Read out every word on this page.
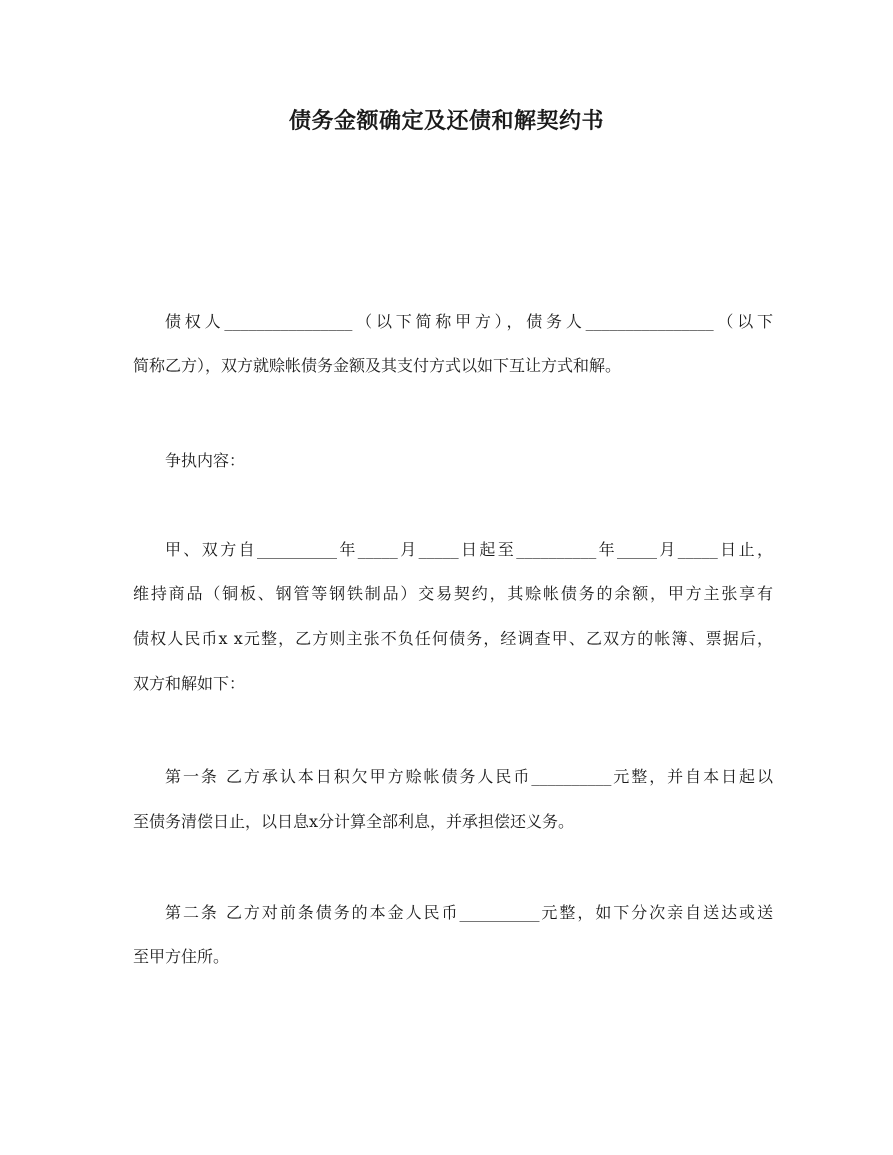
债务金额确定及还债和解契约书

债权人________________（以下简称甲方），债务人________________（以下

简称乙方），双方就赊帐债务金额及其支付方式以如下互让方式和解。

争执内容：

甲、双方自__________年_____月_____日起至__________年_____月_____日止，

维持商品（铜板、钢管等钢铁制品）交易契约，其赊帐债务的余额，甲方主张享有

债权人民币x x元整，乙方则主张不负任何债务，经调查甲、乙双方的帐簿、票据后，

双方和解如下：

第一条 乙方承认本日积欠甲方赊帐债务人民币__________元整，并自本日起以

至债务清偿日止，以日息x分计算全部利息，并承担偿还义务。

第二条 乙方对前条债务的本金人民币__________元整，如下分次亲自送达或送

至甲方住所。
